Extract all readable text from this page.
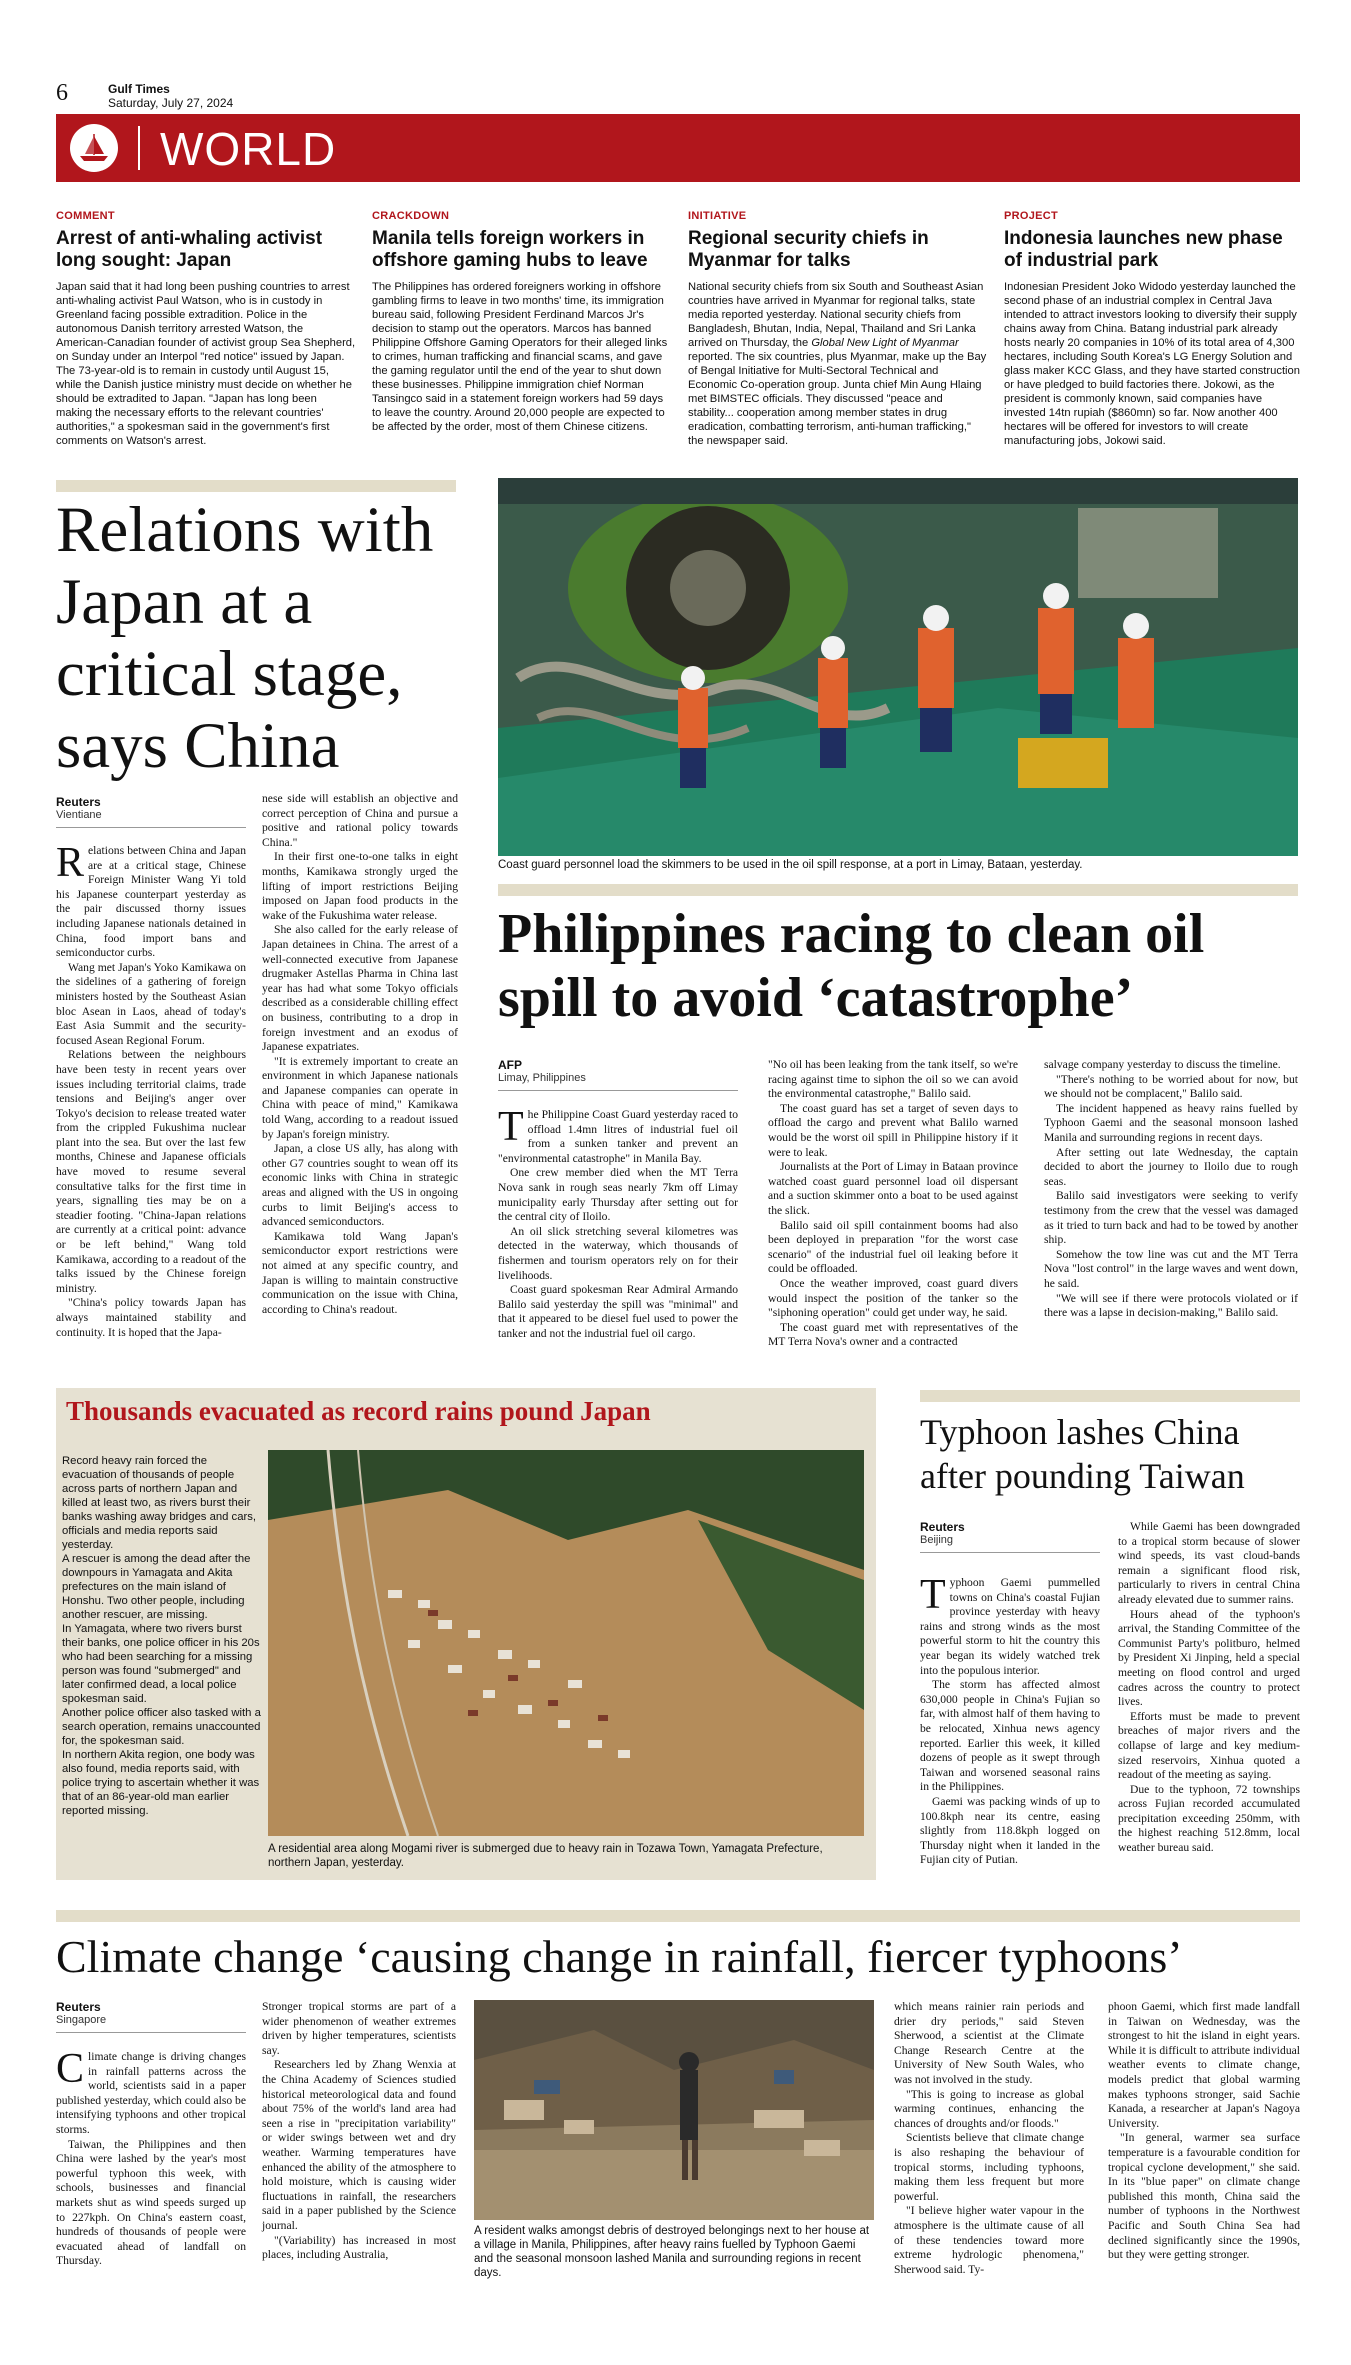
6	Gulf Times
Saturday, July 27, 2024
WORLD
COMMENT
Arrest of anti-whaling activist long sought: Japan
Japan said that it had long been pushing countries to arrest anti-whaling activist Paul Watson, who is in custody in Greenland facing possible extradition. Police in the autonomous Danish territory arrested Watson, the American-Canadian founder of activist group Sea Shepherd, on Sunday under an Interpol "red notice" issued by Japan. The 73-year-old is to remain in custody until August 15, while the Danish justice ministry must decide on whether he should be extradited to Japan. "Japan has long been making the necessary efforts to the relevant countries' authorities," a spokesman said in the government's first comments on Watson's arrest.
CRACKDOWN
Manila tells foreign workers in offshore gaming hubs to leave
The Philippines has ordered foreigners working in offshore gambling firms to leave in two months' time, its immigration bureau said, following President Ferdinand Marcos Jr's decision to stamp out the operators. Marcos has banned Philippine Offshore Gaming Operators for their alleged links to crimes, human trafficking and financial scams, and gave the gaming regulator until the end of the year to shut down these businesses. Philippine immigration chief Norman Tansingco said in a statement foreign workers had 59 days to leave the country. Around 20,000 people are expected to be affected by the order, most of them Chinese citizens.
INITIATIVE
Regional security chiefs in Myanmar for talks
National security chiefs from six South and Southeast Asian countries have arrived in Myanmar for regional talks, state media reported yesterday. National security chiefs from Bangladesh, Bhutan, India, Nepal, Thailand and Sri Lanka arrived on Thursday, the Global New Light of Myanmar reported. The six countries, plus Myanmar, make up the Bay of Bengal Initiative for Multi-Sectoral Technical and Economic Co-operation group. Junta chief Min Aung Hlaing met BIMSTEC officials. They discussed "peace and stability... cooperation among member states in drug eradication, combatting terrorism, anti-human trafficking," the newspaper said.
PROJECT
Indonesia launches new phase of industrial park
Indonesian President Joko Widodo yesterday launched the second phase of an industrial complex in Central Java intended to attract investors looking to diversify their supply chains away from China. Batang industrial park already hosts nearly 20 companies in 10% of its total area of 4,300 hectares, including South Korea's LG Energy Solution and glass maker KCC Glass, and they have started construction or have pledged to build factories there. Jokowi, as the president is commonly known, said companies have invested 14tn rupiah ($860mn) so far. Now another 400 hectares will be offered for investors to will create manufacturing jobs, Jokowi said.
Relations with Japan at a critical stage, says China
Reuters
Vientiane

Relations between China and Japan are at a critical stage, Chinese Foreign Minister Wang Yi told his Japanese counterpart yesterday as the pair discussed thorny issues including Japanese nationals detained in China, food import bans and semiconductor curbs.

Wang met Japan's Yoko Kamikawa on the sidelines of a gathering of foreign ministers hosted by the Southeast Asian bloc Asean in Laos, ahead of today's East Asia Summit and the security-focused Asean Regional Forum.

Relations between the neighbours have been testy in recent years over issues including territorial claims, trade tensions and Beijing's anger over Tokyo's decision to release treated water from the crippled Fukushima nuclear plant into the sea. But over the last few months, Chinese and Japanese officials have moved to resume several consultative talks for the first time in years, signalling ties may be on a steadier footing. "China-Japan relations are currently at a critical point: advance or be left behind," Wang told Kamikawa, according to a readout of the talks issued by the Chinese foreign ministry.

"China's policy towards Japan has always maintained stability and continuity. It is hoped that the Japa-

nese side will establish an objective and correct perception of China and pursue a positive and rational policy towards China."

In their first one-to-one talks in eight months, Kamikawa strongly urged the lifting of import restrictions Beijing imposed on Japan food products in the wake of the Fukushima water release.

She also called for the early release of Japan detainees in China. The arrest of a well-connected executive from Japanese drugmaker Astellas Pharma in China last year has had what some Tokyo officials described as a considerable chilling effect on business, contributing to a drop in foreign investment and an exodus of Japanese expatriates.

"It is extremely important to create an environment in which Japanese nationals and Japanese companies can operate in China with peace of mind," Kamikawa told Wang, according to a readout issued by Japan's foreign ministry.

Japan, a close US ally, has along with other G7 countries sought to wean off its economic links with China in strategic areas and aligned with the US in ongoing curbs to limit Beijing's access to advanced semiconductors.

Kamikawa told Wang Japan's semiconductor export restrictions were not aimed at any specific country, and Japan is willing to maintain constructive communication on the issue with China, according to China's readout.

Coast guard personnel load the skimmers to be used in the oil spill response, at a port in Limay, Bataan, yesterday.
Philippines racing to clean oil spill to avoid ‘catastrophe’
AFP
Limay, Philippines

The Philippine Coast Guard yesterday raced to offload 1.4mn litres of industrial fuel oil from a sunken tanker and prevent an "environmental catastrophe" in Manila Bay.

One crew member died when the MT Terra Nova sank in rough seas nearly 7km off Limay municipality early Thursday after setting out for the central city of Iloilo.

An oil slick stretching several kilometres was detected in the waterway, which thousands of fishermen and tourism operators rely on for their livelihoods.

Coast guard spokesman Rear Admiral Armando Balilo said yesterday the spill was "minimal" and that it appeared to be diesel fuel used to power the tanker and not the industrial fuel oil cargo.

"No oil has been leaking from the tank itself, so we're racing against time to siphon the oil so we can avoid the environmental catastrophe," Balilo said.

The coast guard has set a target of seven days to offload the cargo and prevent what Balilo warned would be the worst oil spill in Philippine history if it were to leak.

Journalists at the Port of Limay in Bataan province watched coast guard personnel load oil dispersant and a suction skimmer onto a boat to be used against the slick.

Balilo said oil spill containment booms had also been deployed in preparation "for the worst case scenario" of the industrial fuel oil leaking before it could be offloaded.

Once the weather improved, coast guard divers would inspect the position of the tanker so the "siphoning operation" could get under way, he said.

The coast guard met with representatives of the MT Terra Nova's owner and a contracted

salvage company yesterday to discuss the timeline.

"There's nothing to be worried about for now, but we should not be complacent," Balilo said.

The incident happened as heavy rains fuelled by Typhoon Gaemi and the seasonal monsoon lashed Manila and surrounding regions in recent days.

After setting out late Wednesday, the captain decided to abort the journey to Iloilo due to rough seas.

Balilo said investigators were seeking to verify testimony from the crew that the vessel was damaged as it tried to turn back and had to be towed by another ship.

Somehow the tow line was cut and the MT Terra Nova "lost control" in the large waves and went down, he said.

"We will see if there were protocols violated or if there was a lapse in decision-making," Balilo said.

Thousands evacuated as record rains pound Japan

Record heavy rain forced the evacuation of thousands of people across parts of northern Japan and killed at least two, as rivers burst their banks washing away bridges and cars, officials and media reports said yesterday.

A rescuer is among the dead after the downpours in Yamagata and Akita prefectures on the main island of Honshu. Two other people, including another rescuer, are missing.

In Yamagata, where two rivers burst their banks, one police officer in his 20s who had been searching for a missing person was found "submerged" and later confirmed dead, a local police spokesman said.

Another police officer also tasked with a search operation, remains unaccounted for, the spokesman said.

In northern Akita region, one body was also found, media reports said, with police trying to ascertain whether it was that of an 86-year-old man earlier reported missing.

A residential area along Mogami river is submerged due to heavy rain in Tozawa Town, Yamagata Prefecture, northern Japan, yesterday.
Typhoon lashes China after pounding Taiwan
Reuters
Beijing

Typhoon Gaemi pummelled towns on China's coastal Fujian province yesterday with heavy rains and strong winds as the most powerful storm to hit the country this year began its widely watched trek into the populous interior.

The storm has affected almost 630,000 people in China's Fujian so far, with almost half of them having to be relocated, Xinhua news agency reported. Earlier this week, it killed dozens of people as it swept through Taiwan and worsened seasonal rains in the Philippines.

Gaemi was packing winds of up to 100.8kph near its centre, easing slightly from 118.8kph logged on Thursday night when it landed in the Fujian city of Putian.

While Gaemi has been downgraded to a tropical storm because of slower wind speeds, its vast cloud-bands remain a significant flood risk, particularly to rivers in central China already elevated due to summer rains.

Hours ahead of the typhoon's arrival, the Standing Committee of the Communist Party's politburo, helmed by President Xi Jinping, held a special meeting on flood control and urged cadres across the country to protect lives.

Efforts must be made to prevent breaches of major rivers and the collapse of large and key medium-sized reservoirs, Xinhua quoted a readout of the meeting as saying.

Due to the typhoon, 72 townships across Fujian recorded accumulated precipitation exceeding 250mm, with the highest reaching 512.8mm, local weather bureau said.

Climate change ‘causing change in rainfall, fiercer typhoons’
Reuters
Singapore

Climate change is driving changes in rainfall patterns across the world, scientists said in a paper published yesterday, which could also be intensifying typhoons and other tropical storms.

Taiwan, the Philippines and then China were lashed by the year's most powerful typhoon this week, with schools, businesses and financial markets shut as wind speeds surged up to 227kph. On China's eastern coast, hundreds of thousands of people were evacuated ahead of landfall on Thursday.

Stronger tropical storms are part of a wider phenomenon of weather extremes driven by higher temperatures, scientists say.

Researchers led by Zhang Wenxia at the China Academy of Sciences studied historical meteorological data and found about 75% of the world's land area had seen a rise in "precipitation variability" or wider swings between wet and dry weather. Warming temperatures have enhanced the ability of the atmosphere to hold moisture, which is causing wider fluctuations in rainfall, the researchers said in a paper published by the Science journal.

"(Variability) has increased in most places, including Australia,

A resident walks amongst debris of destroyed belongings next to her house at a village in Manila, Philippines, after heavy rains fuelled by Typhoon Gaemi and the seasonal monsoon lashed Manila and surrounding regions in recent days.

which means rainier rain periods and drier dry periods," said Steven Sherwood, a scientist at the Climate Change Research Centre at the University of New South Wales, who was not involved in the study.

"This is going to increase as global warming continues, enhancing the chances of droughts and/or floods."

Scientists believe that climate change is also reshaping the behaviour of tropical storms, including typhoons, making them less frequent but more powerful.

"I believe higher water vapour in the atmosphere is the ultimate cause of all of these tendencies toward more extreme hydrologic phenomena," Sherwood said. Ty-

phoon Gaemi, which first made landfall in Taiwan on Wednesday, was the strongest to hit the island in eight years. While it is difficult to attribute individual weather events to climate change, models predict that global warming makes typhoons stronger, said Sachie Kanada, a researcher at Japan's Nagoya University.

"In general, warmer sea surface temperature is a favourable condition for tropical cyclone development," she said. In its "blue paper" on climate change published this month, China said the number of typhoons in the Northwest Pacific and South China Sea had declined significantly since the 1990s, but they were getting stronger.
